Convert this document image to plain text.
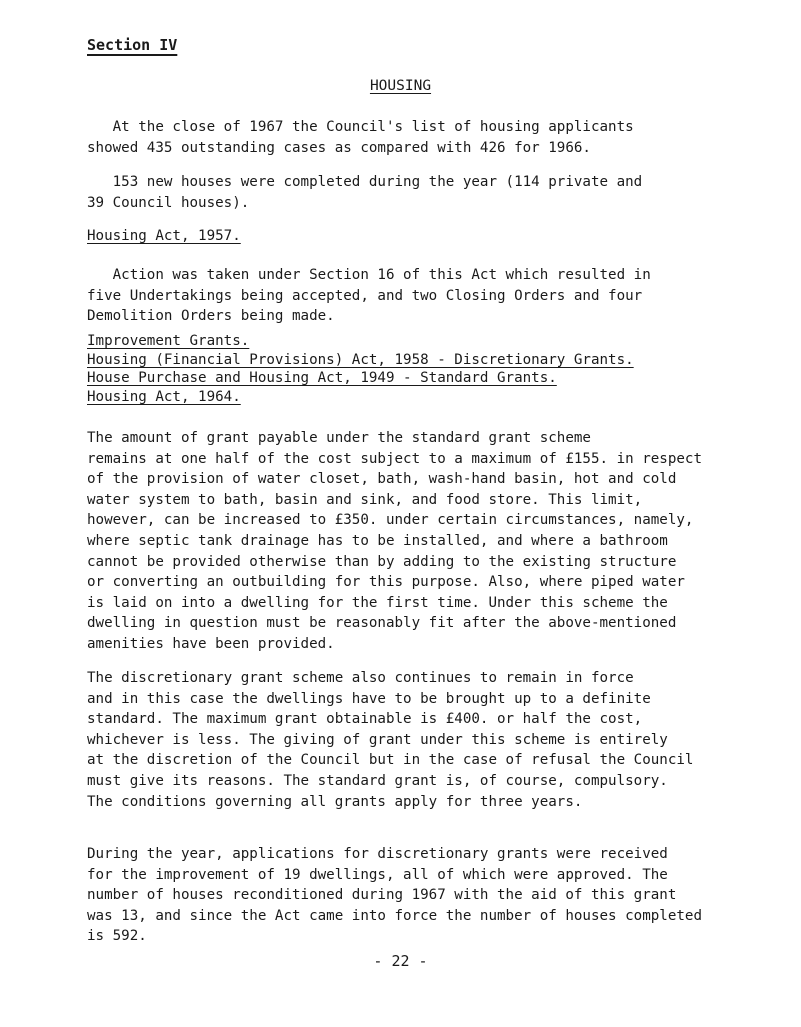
Section IV
HOUSING

At the close of 1967 the Council's list of housing applicants
showed 435 outstanding cases as compared with 426 for 1966.

153 new houses were completed during the year (114 private and
39 Council houses).

Housing Act, 1957.

Action was taken under Section 16 of this Act which resulted in
five Undertakings being accepted, and two Closing Orders and four
Demolition Orders being made.

Improvement Grants.
Housing (Financial Provisions) Act, 1958 - Discretionary Grants.
House Purchase and Housing Act, 1949 - Standard Grants.
Housing Act, 1964.

The amount of grant payable under the standard grant scheme
remains at one half of the cost subject to a maximum of £155. in respect
of the provision of water closet, bath, wash-hand basin, hot and cold
water system to bath, basin and sink, and food store. This limit,
however, can be increased to £350. under certain circumstances, namely,
where septic tank drainage has to be installed, and where a bathroom
cannot be provided otherwise than by adding to the existing structure
or converting an outbuilding for this purpose. Also, where piped water
is laid on into a dwelling for the first time. Under this scheme the
dwelling in question must be reasonably fit after the above-mentioned
amenities have been provided.

The discretionary grant scheme also continues to remain in force
and in this case the dwellings have to be brought up to a definite
standard. The maximum grant obtainable is £400. or half the cost,
whichever is less. The giving of grant under this scheme is entirely
at the discretion of the Council but in the case of refusal the Council
must give its reasons. The standard grant is, of course, compulsory.
The conditions governing all grants apply for three years.

During the year, applications for discretionary grants were received
for the improvement of 19 dwellings, all of which were approved. The
number of houses reconditioned during 1967 with the aid of this grant
was 13, and since the Act came into force the number of houses completed
is 592.

- 22 -
